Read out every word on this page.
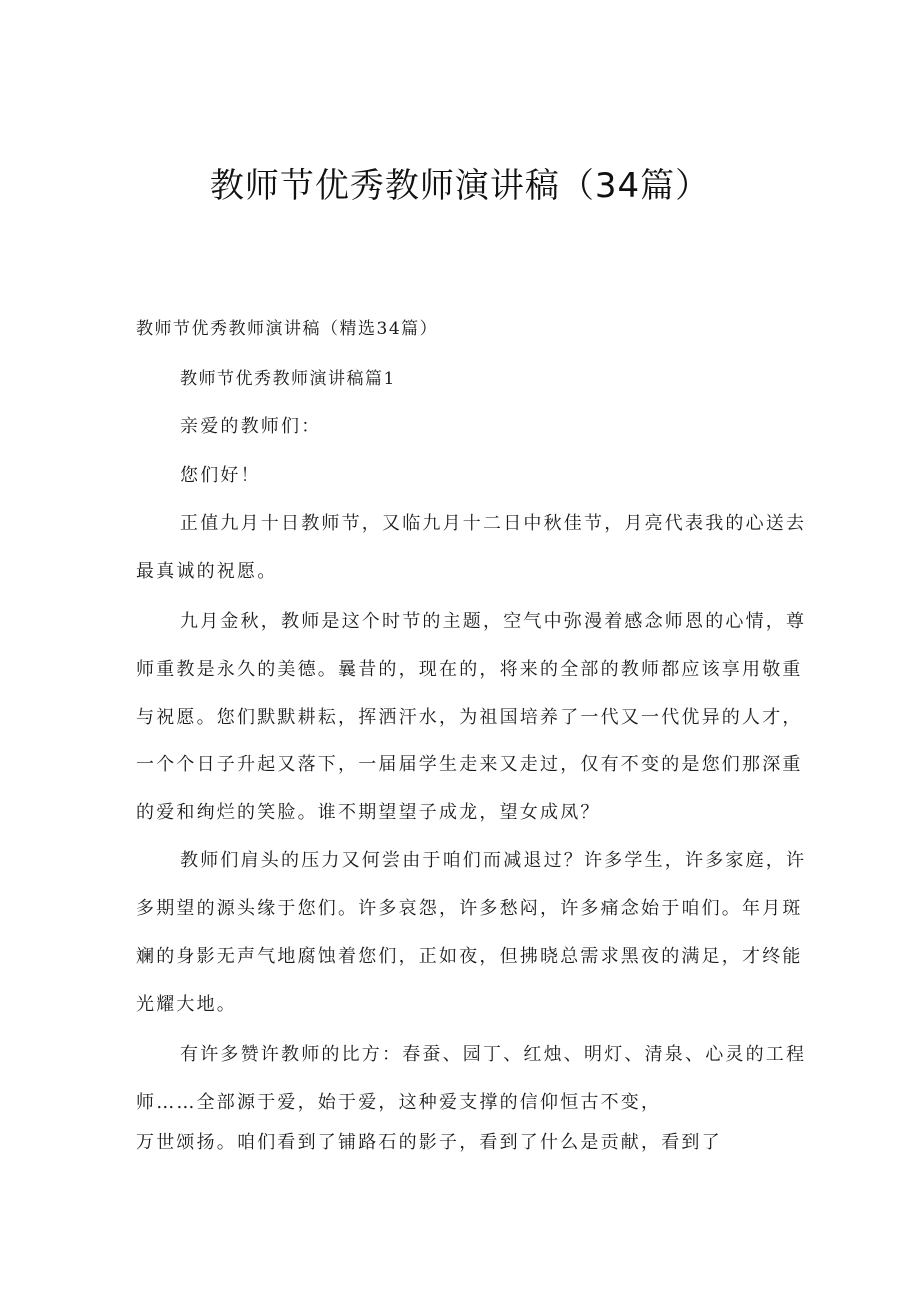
教师节优秀教师演讲稿（34篇）
教师节优秀教师演讲稿（精选34篇）
教师节优秀教师演讲稿篇1
亲爱的教师们：
您们好！
正值九月十日教师节，又临九月十二日中秋佳节，月亮代表我的心送去
最真诚的祝愿。
九月金秋，教师是这个时节的主题，空气中弥漫着感念师恩的心情，尊
师重教是永久的美德。曩昔的，现在的，将来的全部的教师都应该享用敬重
与祝愿。您们默默耕耘，挥洒汗水，为祖国培养了一代又一代优异的人才，
一个个日子升起又落下，一届届学生走来又走过，仅有不变的是您们那深重
的爱和绚烂的笑脸。谁不期望望子成龙，望女成凤？
教师们肩头的压力又何尝由于咱们而减退过？许多学生，许多家庭，许
多期望的源头缘于您们。许多哀怨，许多愁闷，许多痛念始于咱们。年月斑
斓的身影无声气地腐蚀着您们，正如夜，但拂晓总需求黑夜的满足，才终能
光耀大地。
有许多赞许教师的比方：春蚕、园丁、红烛、明灯、清泉、心灵的工程
师……全部源于爱，始于爱，这种爱支撑的信仰恒古不变，
万世颂扬。咱们看到了铺路石的影子，看到了什么是贡献，看到了
